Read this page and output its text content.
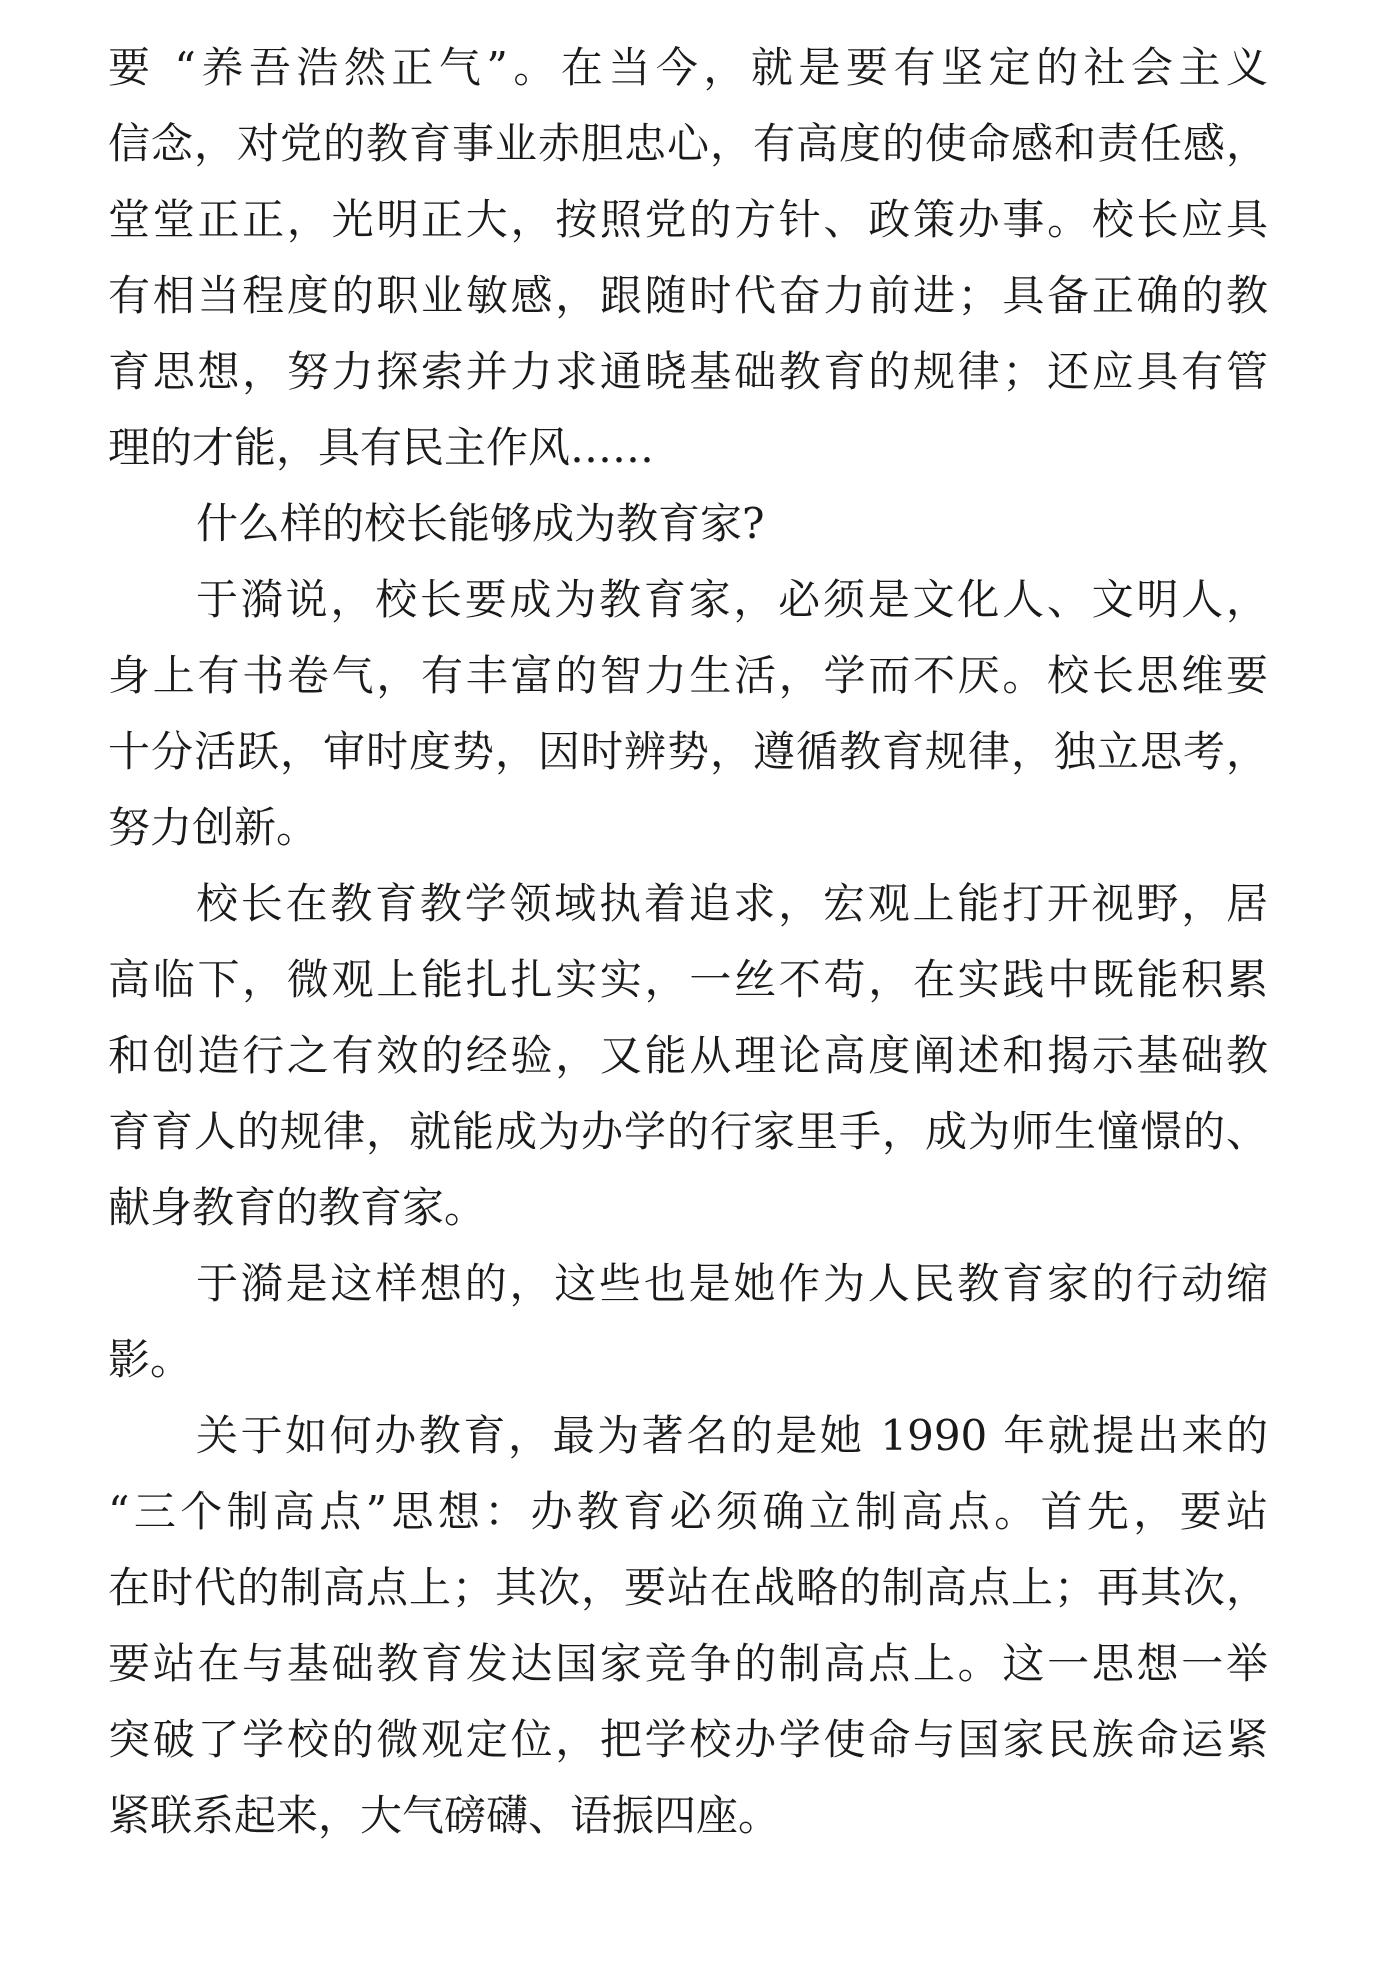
要 “养吾浩然正气”。在当今，就是要有坚定的社会主义
信念，对党的教育事业赤胆忠心，有高度的使命感和责任感，
堂堂正正，光明正大，按照党的方针、政策办事。校长应具
有相当程度的职业敏感，跟随时代奋力前进；具备正确的教
育思想，努力探索并力求通晓基础教育的规律；还应具有管
理的才能，具有民主作风……
什么样的校长能够成为教育家?
于漪说，校长要成为教育家，必须是文化人、文明人，
身上有书卷气，有丰富的智力生活，学而不厌。校长思维要
十分活跃，审时度势，因时辨势，遵循教育规律，独立思考，
努力创新。
校长在教育教学领域执着追求，宏观上能打开视野，居
高临下，微观上能扎扎实实，一丝不苟，在实践中既能积累
和创造行之有效的经验，又能从理论高度阐述和揭示基础教
育育人的规律，就能成为办学的行家里手，成为师生憧憬的、
献身教育的教育家。
于漪是这样想的，这些也是她作为人民教育家的行动缩
影。
关于如何办教育，最为著名的是她 1990 年就提出来的
“三个制高点”思想：办教育必须确立制高点。首先，要站
在时代的制高点上；其次，要站在战略的制高点上；再其次，
要站在与基础教育发达国家竞争的制高点上。这一思想一举
突破了学校的微观定位，把学校办学使命与国家民族命运紧
紧联系起来，大气磅礴、语振四座。
